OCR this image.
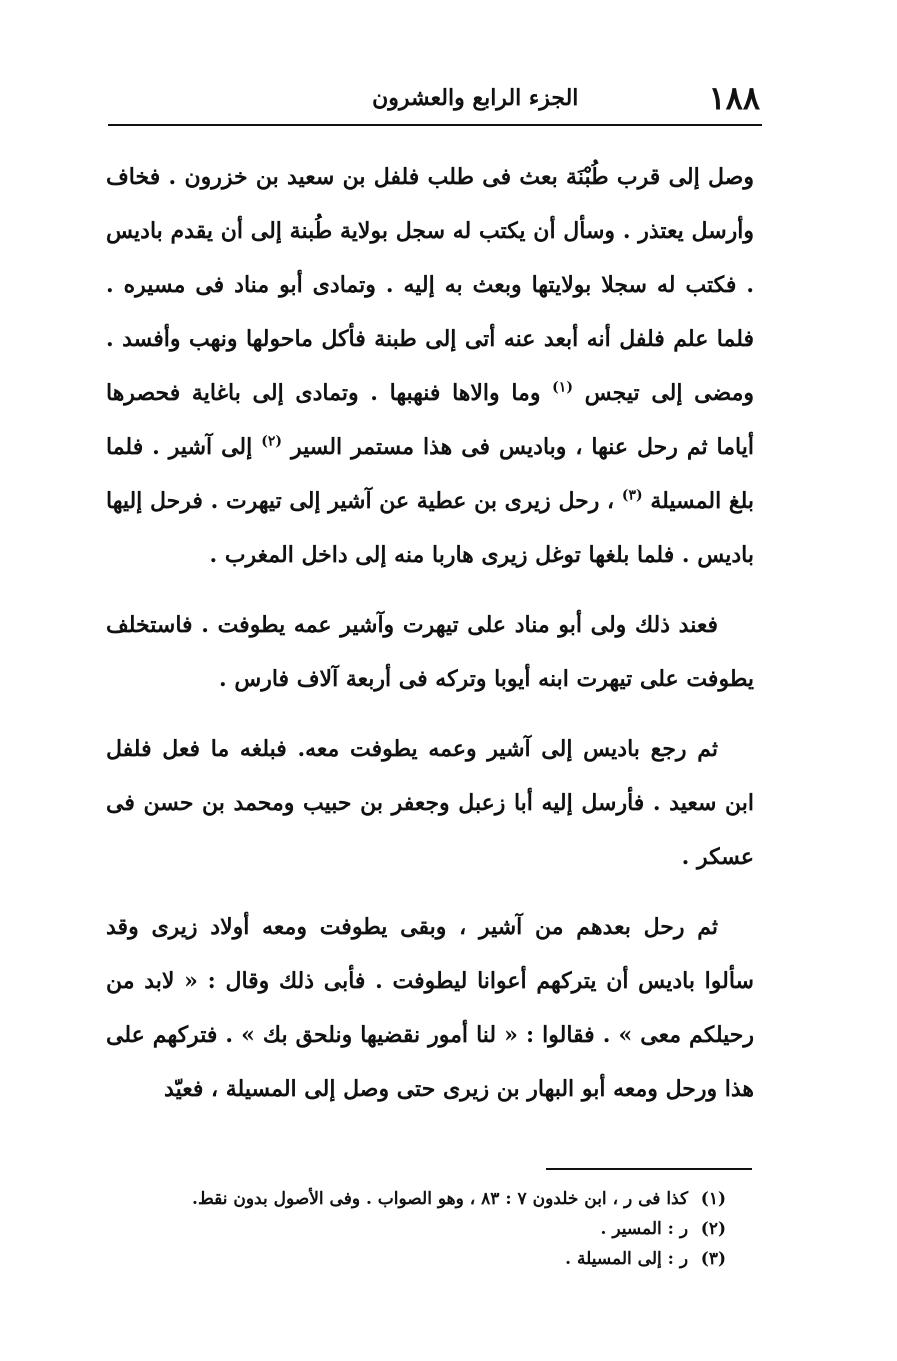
١٨٨
الجزء الرابع والعشرون

وصل إلى قرب طُبْنَة بعث فى طلب فلفل بن سعيد بن خزرون . فخاف وأرسل يعتذر . وسأل أن يكتب له سجل بولاية طُبنة إلى أن يقدم باديس . فكتب له سجلا بولايتها وبعث به إليه . وتمادى أبو مناد فى مسيره . فلما علم فلفل أنه أبعد عنه أتى إلى طبنة فأكل ماحولها ونهب وأفسد . ومضى إلى تيجس $^{(١)}$ وما والاها فنهبها . وتمادى إلى باغاية فحصرها أياما ثم رحل عنها ، وباديس فى هذا مستمر السير $^{(٢)}$ إلى آشير . فلما بلغ المسيلة $^{(٣)}$ ، رحل زيرى بن عطية عن آشير إلى تيهرت . فرحل إليها باديس . فلما بلغها توغل زيرى هاربا منه إلى داخل المغرب .

فعند ذلك ولى أبو مناد على تيهرت وآشير عمه يطوفت . فاستخلف يطوفت على تيهرت ابنه أيوبا وتركه فى أربعة آلاف فارس .

ثم رجع باديس إلى آشير وعمه يطوفت معه. فبلغه ما فعل فلفل ابن سعيد . فأرسل إليه أبا زعبل وجعفر بن حبيب ومحمد بن حسن فى عسكر .

ثم رحل بعدهم من آشير ، وبقى يطوفت ومعه أولاد زيرى وقد سألوا باديس أن يتركهم أعوانا ليطوفت . فأبى ذلك وقال : « لابد من رحيلكم معى » . فقالوا : « لنا أمور نقضيها ونلحق بك » . فتركهم على هذا ورحل ومعه أبو البهار بن زيرى حتى وصل إلى المسيلة ، فعيّد

(١) كذا فى ر ، ابن خلدون ٧ : ٨٣ ، وهو الصواب . وفى الأصول بدون نقط.
(٢) ر : المسير .
(٣) ر : إلى المسيلة .
